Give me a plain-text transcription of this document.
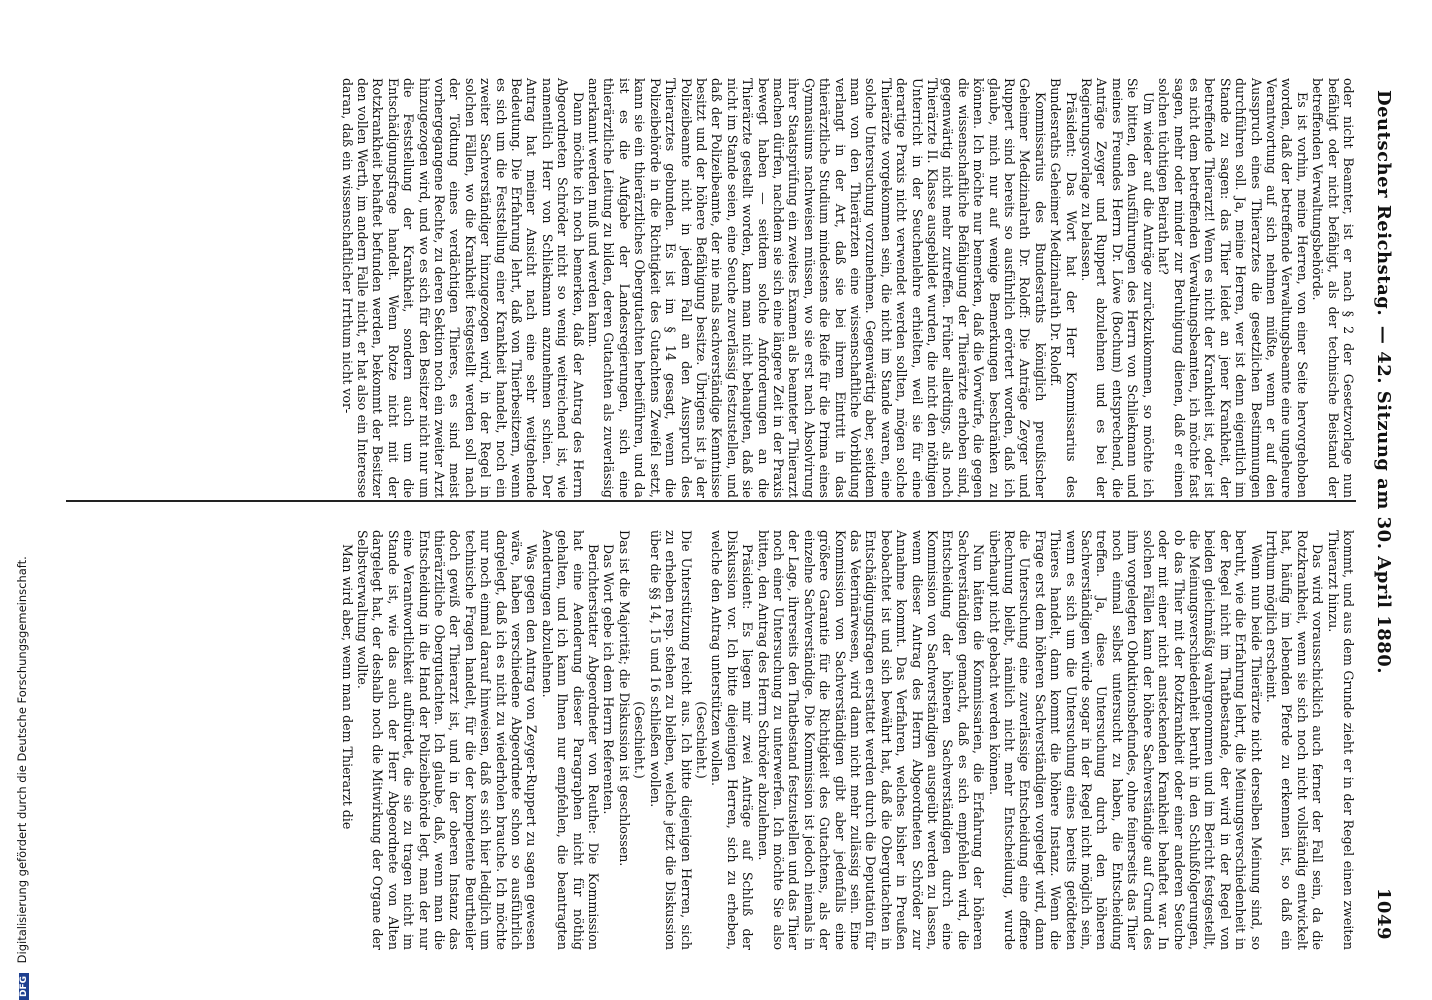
Deutscher Reichstag.
— 42. Sitzung am 30. April 1880.
1049

oder nicht Beamter, ist er nach § 2 der Gesetzvorlage nun befähigt oder nicht befähigt, als der technische Beistand der betreffenden Verwaltungsbehörde.

Es ist vorhin, meine Herren, von einer Seite hervorgehoben worden, daß der betreffende Verwaltungsbeamte eine ungeheure Verantwortung auf sich nehmen müßte, wenn er auf den Ausspruch eines Thierarztes die gesetzlichen Bestimmungen durchführen soll. Ja, meine Herren, wer ist denn eigentlich im Stande zu sagen: das Thier leidet an jener Krankheit, der betreffende Thierarzt! Wenn es nicht der Krankheit ist, oder ist es nicht dem betreffenden Verwaltungsbeamten, ich möchte fast sagen, mehr oder minder zur Beruhigung dienen, daß er einen solchen tüchtigen Beirath hat?

Um wieder auf die Anträge zurückzukommen, so möchte ich Sie bitten, den Ausführungen des Herrn von Schliekmann und meines Freundes Herrn Dr. Löwe (Bochum) entsprechend, die Anträge Zeyger und Ruppert abzulehnen und es bei der Regierungsvorlage zu belassen.

Präsident: Das Wort hat der Herr Kommissarius des Bundesraths Geheimer Medizinalrath Dr. Roloff.

Kommissarius des Bundesraths königlich preußischer Geheimer Medizinalrath Dr. Roloff: Die Anträge Zeyger und Ruppert sind bereits so ausführlich erörtert worden, daß ich glaube, mich nur auf wenige Bemerkungen beschränken zu können. Ich möchte nur bemerken, daß die Vorwürfe, die gegen die wissenschaftliche Befähigung der Thierärzte erhoben sind, gegenwärtig nicht mehr zutreffen. Früher allerdings, als noch Thierärzte II. Klasse ausgebildet wurden, die nicht den nöthigen Unterricht in der Seuchenlehre erhielten, weil sie für eine derartige Praxis nicht verwendet werden sollten, mögen solche Thierärzte vorgekommen sein, die nicht im Stande waren, eine solche Untersuchung vorzunehmen. Gegenwärtig aber, seitdem man von den Thierärzten eine wissenschaftliche Vorbildung verlangt in der Art, daß sie bei ihrem Eintritt in das thierärztliche Studium mindestens die Reife für die Prima eines Gymnasiums nachweisen müssen, wo sie erst nach Absolvirung ihrer Staatsprüfung ein zweites Examen als beamteter Thierarzt machen dürfen, nachdem sie sich eine längere Zeit in der Praxis bewegt haben — seitdem solche Anforderungen an die Thierärzte gestellt worden, kann man nicht behaupten, daß sie nicht im Stande seien, eine Seuche zuverlässig festzustellen, und daß der Polizeibeamte, der nie mals sachverständige Kenntnisse besitzt und der höhere Befähigung besitze. Übrigens ist ja der Polizeibeamte nicht in jedem Fall an den Ausspruch des Thierarztes gebunden. Es ist im § 14 gesagt, wenn die Polizeibehörde in die Richtigkeit des Gutachtens Zweifel setzt, kann sie ein thierärztliches Obergutachten herbeiführen, und da ist es die Aufgabe der Landesregierungen, sich eine thierärztliche Leitung zu bilden, deren Gutachten als zuverlässig anerkannt werden muß und werden kann.

Dann möchte ich noch bemerken, daß der Antrag des Herrn Abgeordneten Schröder nicht so wenig weitreichend ist, wie namentlich Herr von Schliekmann anzunehmen schien. Der Antrag hat meiner Ansicht nach eine sehr weitgehende Bedeutung. Die Erfahrung lehrt, daß von Thierbesitzern, wenn es sich um die Feststellung einer Krankheit handelt, noch ein zweiter Sachverständiger hinzugezogen wird, in der Regel in solchen Fällen, wo die Krankheit festgestellt werden soll nach der Tödtung eines verdächtigen Thieres, es sind meist vorhergegangene Rechte, zu deren Sektion noch ein zweiter Arzt hinzugezogen wird, und wo es sich für den Besitzer nicht nur um die Feststellung der Krankheit, sondern auch um die Entschädigungsfrage handelt. Wenn Rotze nicht mit der Rotzkrankheit behaftet befunden werden, bekommt der Besitzer den vollen Werth, im andern Falle nicht, er hat also ein Interesse daran, daß ein wissenschaftlicher Irrthum nicht vor-

kommt, und aus dem Grunde zieht er in der Regel einen zweiten Thierarzt hinzu.

Das wird vorausschicklich auch ferner der Fall sein, da die Rotzkrankheit, wenn sie sich noch nicht vollständig entwickelt hat, häufig im lebenden Pferde zu erkennen ist, so daß ein Irrthum möglich erscheint.

Wenn nun beide Thierärzte nicht derselben Meinung sind, so beruht, wie die Erfahrung lehrt, die Meinungsverschiedenheit in der Regel nicht im Thatbestande, der wird in der Regel von beiden gleichmäßig wahrgenommen und im Bericht festgestellt, die Meinungsverschiedenheit beruht in den Schlußfolgerungen, ob das Thier mit der Rotzkrankheit oder einer anderen Seuche oder mit einer nicht ansteckenden Krankheit behaftet war. In solchen Fällen kann der höhere Sachverständige auf Grund des ihm vorgelegten Obduktionsbefundes, ohne feinerseits das Thier noch einmal selbst untersucht zu haben, die Entscheidung treffen. Ja, diese Untersuchung durch den höheren Sachverständigen würde sogar in der Regel nicht möglich sein, wenn es sich um die Untersuchung eines bereits getödteten Thieres handelt, dann kommt die höhere Instanz. Wenn die Frage erst dem höheren Sachverständigen vorgelegt wird, dann die Untersuchung eine zuverlässige Entscheidung eine offene Rechnung bleibt, nämlich nicht mehr Entscheidung, wurde überhaupt nicht gebacht werden können.

Nun hätten die Kommissarien, die Erfahrung der höheren Sachverständigen gemacht, daß es sich empfehlen wird, die Entscheidung der höheren Sachverständigen durch eine Kommission von Sachverständigen ausgeübt werden zu lassen, wenn dieser Antrag des Herrn Abgeordneten Schröder zur Annahme kommt. Das Verfahren, welches bisher in Preußen beobachtet ist und sich bewährt hat, daß die Obergutachten in Entschädigungsfragen erstattet werden durch die Deputation für das Veterinärwesen, wird dann nicht mehr zulässig sein. Eine Kommission von Sachverständigen gibt aber jedenfalls eine größere Garantie für die Richtigkeit des Gutachtens, als der einzelne Sachverständige. Die Kommission ist jedoch niemals in der Lage, ihrerseits den Thatbestand festzustellen und das Thier noch einer Untersuchung zu unterwerfen. Ich möchte Sie also bitten, den Antrag des Herrn Schröder abzulehnen.

Präsident: Es liegen mir zwei Anträge auf Schluß der Diskussion vor. Ich bitte diejenigen Herren, sich zu erheben, welche den Antrag unterstützen wollen.

(Geschieht.)

Die Unterstützung reicht aus. Ich bitte diejenigen Herren, sich zu erheben resp. stehen zu bleiben, welche jetzt die Diskussion über die §§ 14, 15 und 16 schließen wollen.

(Geschieht.)

Das ist die Majorität; die Diskussion ist geschlossen.

Das Wort gebe ich dem Herrn Referenten.

Berichterstatter Abgeordneter von Reuthe: Die Kommission hat eine Aenderung dieser Paragraphen nicht für nöthig gehalten, und ich kann Ihnen nur empfehlen, die beantragten Aenderungen abzulehnen.

Was gegen den Antrag von Zeyger-Ruppert zu sagen gewesen wäre, haben verschiedene Abgeordnete schon so ausführlich dargelegt, daß ich es nicht zu wiederholen brauche. Ich möchte nur noch einmal darauf hinweisen, daß es sich hier lediglich um technische Fragen handelt, für die der kompetente Beurtheiler doch gewiß der Thierarzt ist, und in der oberen Instanz das thierärztliche Obergutachten. Ich glaube, daß, wenn man die Entscheidung in die Hand der Polizeibehörde legt, man der nur eine Verantwortlichkeit aufbürdet, die sie zu tragen nicht im Stande ist, wie das auch der Herr Abgeordnete von Alten dargelegt hat, der deshalb noch die Mitwirkung der Organe der Selbstverwaltung wollte.

Man wird aber, wenn man dem Thierarzt die

DFG Digitalisierung gefördert durch die Deutsche Forschungsgemeinschaft.
